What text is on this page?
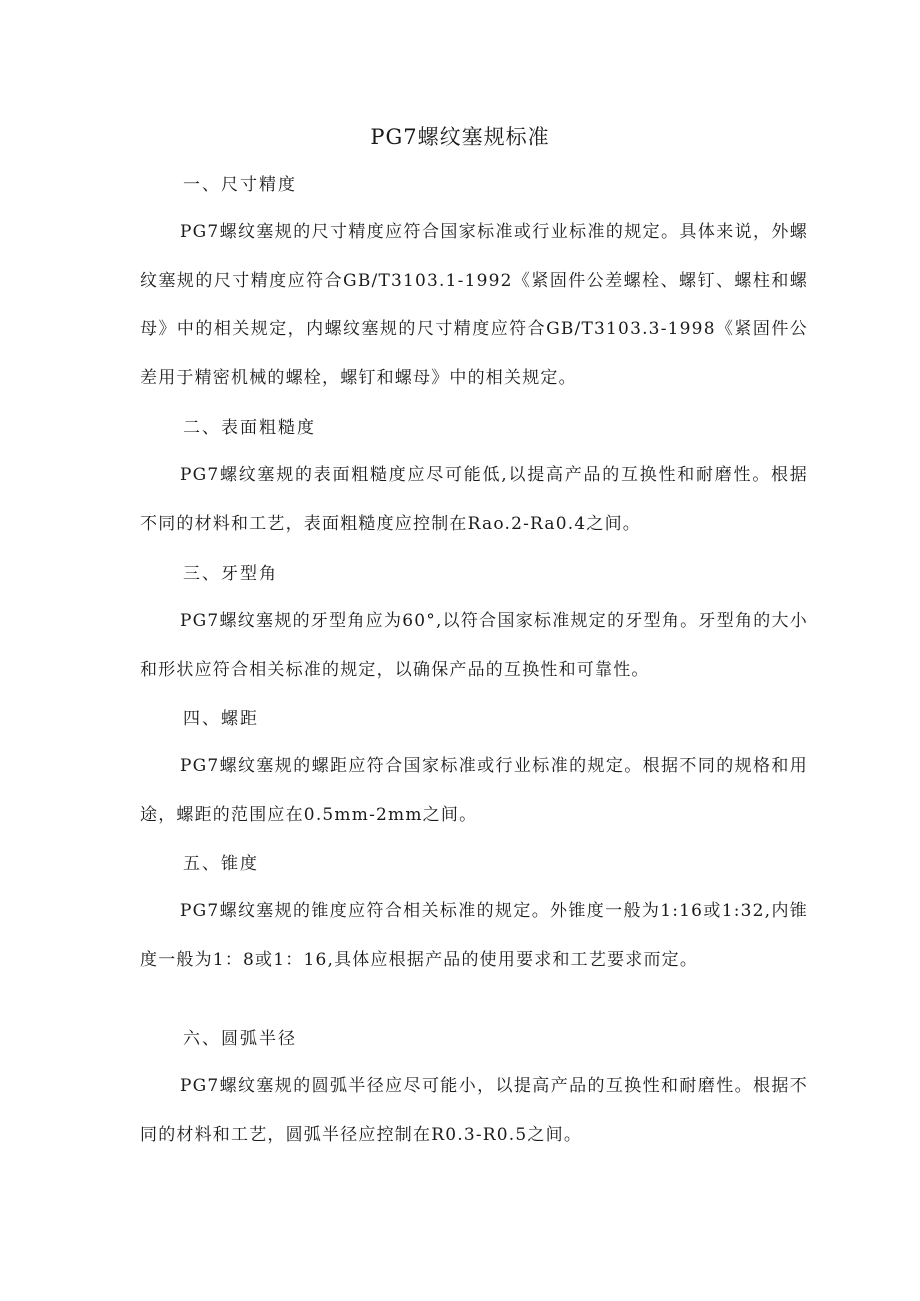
PG7螺纹塞规标准
一、尺寸精度

PG7螺纹塞规的尺寸精度应符合国家标准或行业标准的规定。具体来说，外螺纹塞规的尺寸精度应符合GB/T3103.1-1992《紧固件公差螺栓、螺钉、螺柱和螺母》中的相关规定，内螺纹塞规的尺寸精度应符合GB/T3103.3-1998《紧固件公差用于精密机械的螺栓，螺钉和螺母》中的相关规定。

二、表面粗糙度

PG7螺纹塞规的表面粗糙度应尽可能低,以提高产品的互换性和耐磨性。根据不同的材料和工艺，表面粗糙度应控制在Rao.2-Ra0.4之间。

三、牙型角

PG7螺纹塞规的牙型角应为60°,以符合国家标准规定的牙型角。牙型角的大小和形状应符合相关标准的规定，以确保产品的互换性和可靠性。

四、螺距

PG7螺纹塞规的螺距应符合国家标准或行业标准的规定。根据不同的规格和用途，螺距的范围应在0.5mm-2mm之间。

五、锥度

PG7螺纹塞规的锥度应符合相关标准的规定。外锥度一般为1:16或1:32,内锥度一般为1：8或1：16,具体应根据产品的使用要求和工艺要求而定。

六、圆弧半径

PG7螺纹塞规的圆弧半径应尽可能小，以提高产品的互换性和耐磨性。根据不同的材料和工艺，圆弧半径应控制在R0.3-R0.5之间。
